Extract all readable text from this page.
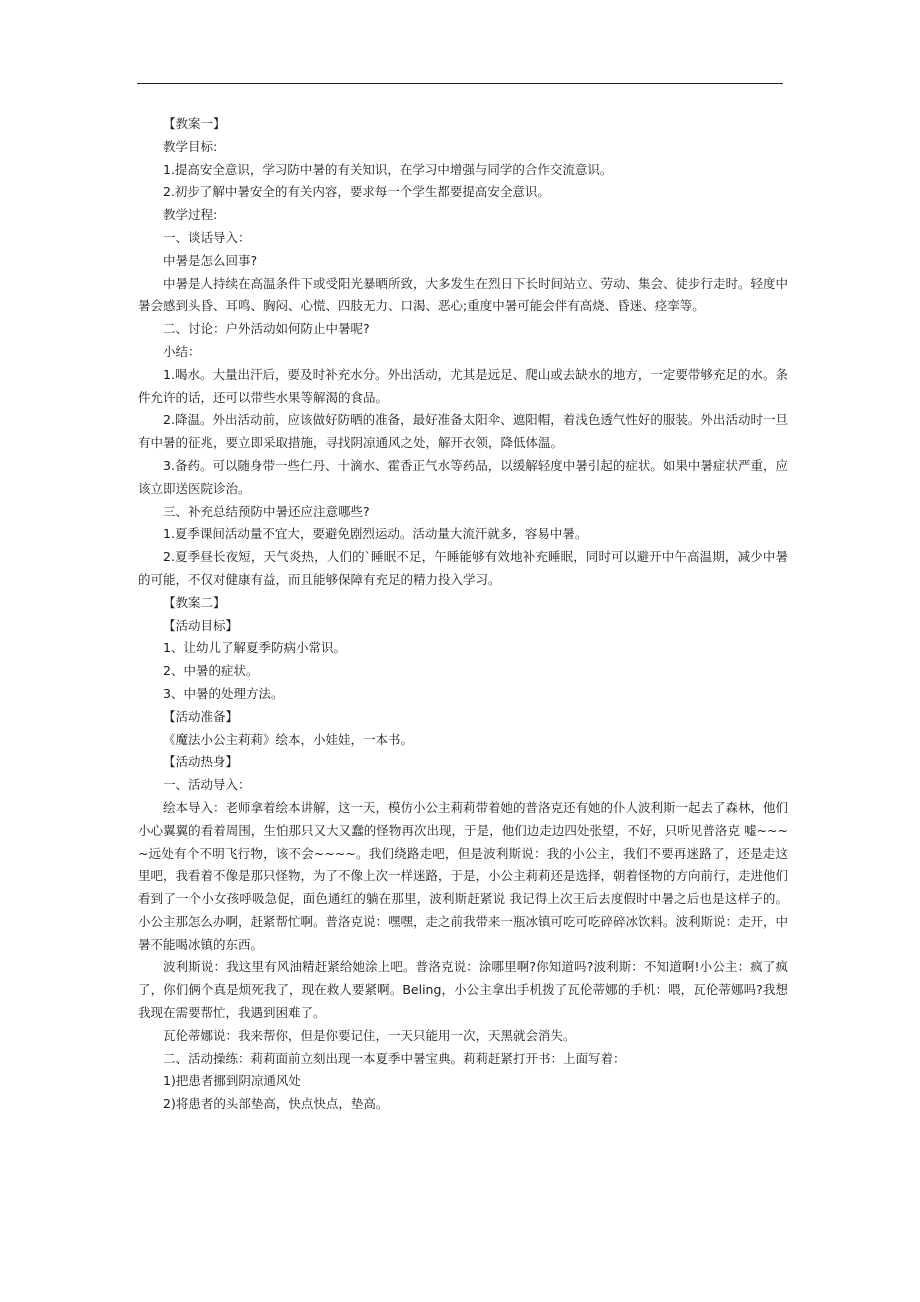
【教案一】

教学目标:

1.提高安全意识，学习防中暑的有关知识，在学习中增强与同学的合作交流意识。

2.初步了解中暑安全的有关内容，要求每一个学生都要提高安全意识。

教学过程:

一、谈话导入：

中暑是怎么回事?

中暑是人持续在高温条件下或受阳光暴晒所致，大多发生在烈日下长时间站立、劳动、集会、徒步行走时。轻度中暑会感到头昏、耳鸣、胸闷、心慌、四肢无力、口渴、恶心;重度中暑可能会伴有高烧、昏迷、痉挛等。

二、讨论：户外活动如何防止中暑呢?

小结：

1.喝水。大量出汗后，要及时补充水分。外出活动，尤其是远足、爬山或去缺水的地方，一定要带够充足的水。条件允许的话，还可以带些水果等解渴的食品。

2.降温。外出活动前，应该做好防晒的准备，最好准备太阳伞、遮阳帽，着浅色透气性好的服装。外出活动时一旦有中暑的征兆，要立即采取措施，寻找阴凉通风之处，解开衣领，降低体温。

3.备药。可以随身带一些仁丹、十滴水、霍香正气水等药品，以缓解轻度中暑引起的症状。如果中暑症状严重，应该立即送医院诊治。

三、补充总结预防中暑还应注意哪些?

1.夏季课间活动量不宜大，要避免剧烈运动。活动量大流汗就多，容易中暑。

2.夏季昼长夜短，天气炎热，人们的`睡眠不足，午睡能够有效地补充睡眠，同时可以避开中午高温期，减少中暑的可能，不仅对健康有益，而且能够保障有充足的精力投入学习。

【教案二】

【活动目标】

1、让幼儿了解夏季防病小常识。

2、中暑的症状。

3、中暑的处理方法。

【活动准备】

《魔法小公主莉莉》绘本，小娃娃，一本书。

【活动热身】

一、活动导入：

绘本导入：老师拿着绘本讲解，这一天，模仿小公主莉莉带着她的普洛克还有她的仆人波利斯一起去了森林，他们小心翼翼的看着周围，生怕那只又大又蠢的怪物再次出现，于是，他们边走边四处张望，不好，只听见普洛克 嘘~~~~远处有个不明飞行物，该不会~~~~。我们绕路走吧，但是波利斯说：我的小公主，我们不要再迷路了，还是走这里吧，我看着不像是那只怪物，为了不像上次一样迷路，于是，小公主莉莉还是选择，朝着怪物的方向前行，走进他们看到了一个小女孩呼吸急促，面色通红的躺在那里，波利斯赶紧说 我记得上次王后去度假时中暑之后也是这样子的。小公主那怎么办啊，赶紧帮忙啊。普洛克说：嘿嘿，走之前我带来一瓶冰镇可吃可吃碎碎冰饮料。波利斯说：走开，中暑不能喝冰镇的东西。

波利斯说：我这里有风油精赶紧给她涂上吧。普洛克说：涂哪里啊?你知道吗?波利斯：不知道啊!小公主：疯了疯了，你们俩个真是烦死我了，现在救人要紧啊。Beling，小公主拿出手机拨了瓦伦蒂娜的手机：喂，瓦伦蒂娜吗?我想我现在需要帮忙，我遇到困难了。

瓦伦蒂娜说：我来帮你，但是你要记住，一天只能用一次，天黑就会消失。

二、活动操练：莉莉面前立刻出现一本夏季中暑宝典。莉莉赶紧打开书：上面写着：

1)把患者挪到阴凉通风处

2)将患者的头部垫高，快点快点，垫高。
